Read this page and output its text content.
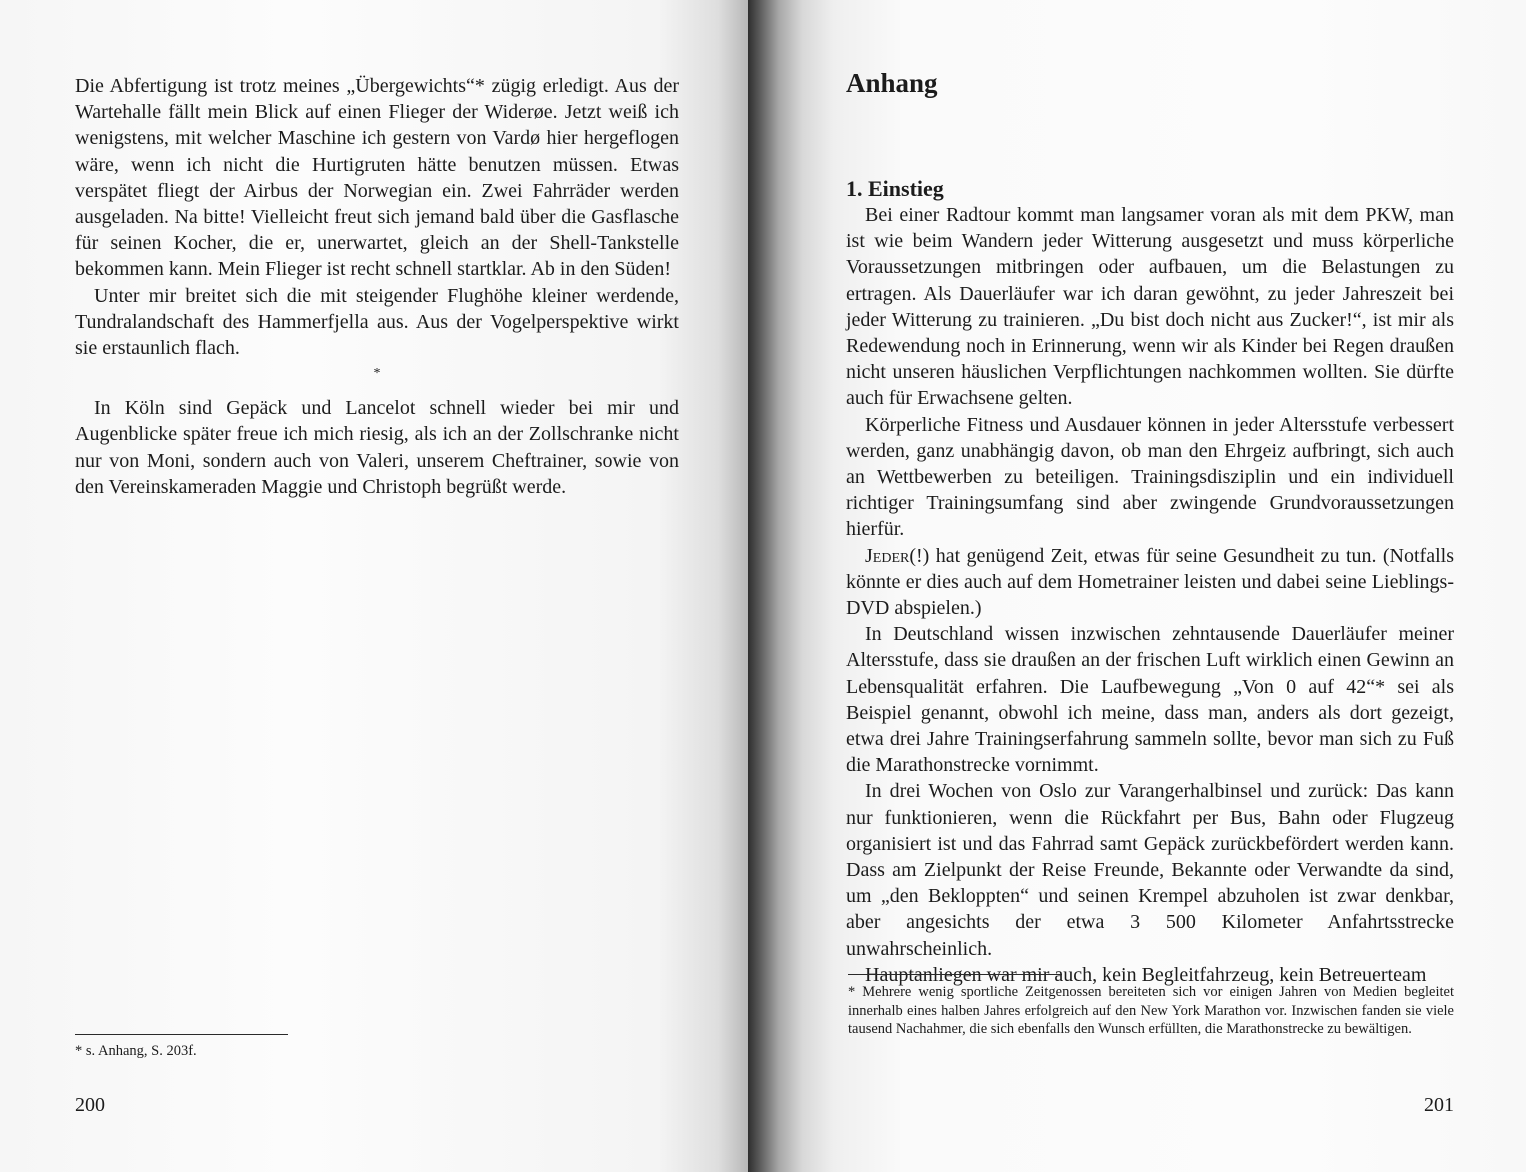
Die Abfertigung ist trotz meines „Übergewichts“* zügig erledigt. Aus der Wartehalle fällt mein Blick auf einen Flieger der Widerøe. Jetzt weiß ich wenigstens, mit welcher Maschine ich gestern von Vardø hier hergeflogen wäre, wenn ich nicht die Hurtigruten hätte benutzen müssen. Etwas verspätet fliegt der Airbus der Norwegian ein. Zwei Fahrräder werden ausgeladen. Na bitte! Vielleicht freut sich jemand bald über die Gasflasche für seinen Kocher, die er, unerwartet, gleich an der Shell-Tankstelle bekommen kann. Mein Flieger ist recht schnell startklar. Ab in den Süden!

Unter mir breitet sich die mit steigender Flughöhe kleiner werdende, Tundralandschaft des Hammerfjella aus. Aus der Vogelperspektive wirkt sie erstaunlich flach.

*

In Köln sind Gepäck und Lancelot schnell wieder bei mir und Augenblicke später freue ich mich riesig, als ich an der Zollschranke nicht nur von Moni, sondern auch von Valeri, unserem Cheftrainer, sowie von den Vereinskameraden Maggie und Christoph begrüßt werde.

* s. Anhang, S. 203f.
200
Anhang
1. Einstieg

Bei einer Radtour kommt man langsamer voran als mit dem PKW, man ist wie beim Wandern jeder Witterung ausgesetzt und muss körperliche Voraussetzungen mitbringen oder aufbauen, um die Belastungen zu ertragen. Als Dauerläufer war ich daran gewöhnt, zu jeder Jahreszeit bei jeder Witterung zu trainieren. „Du bist doch nicht aus Zucker!“, ist mir als Redewendung noch in Erinnerung, wenn wir als Kinder bei Regen draußen nicht unseren häuslichen Verpflichtungen nachkommen wollten. Sie dürfte auch für Erwachsene gelten.

Körperliche Fitness und Ausdauer können in jeder Altersstufe verbessert werden, ganz unabhängig davon, ob man den Ehrgeiz aufbringt, sich auch an Wettbewerben zu beteiligen. Trainingsdisziplin und ein individuell richtiger Trainingsumfang sind aber zwingende Grundvoraussetzungen hierfür.

Jeder(!) hat genügend Zeit, etwas für seine Gesundheit zu tun. (Notfalls könnte er dies auch auf dem Hometrainer leisten und dabei seine Lieblings-DVD abspielen.)

In Deutschland wissen inzwischen zehntausende Dauerläufer meiner Altersstufe, dass sie draußen an der frischen Luft wirklich einen Gewinn an Lebensqualität erfahren. Die Laufbewegung „Von 0 auf 42“* sei als Beispiel genannt, obwohl ich meine, dass man, anders als dort gezeigt, etwa drei Jahre Trainingserfahrung sammeln sollte, bevor man sich zu Fuß die Marathonstrecke vornimmt.

In drei Wochen von Oslo zur Varangerhalbinsel und zurück: Das kann nur funktionieren, wenn die Rückfahrt per Bus, Bahn oder Flugzeug organisiert ist und das Fahrrad samt Gepäck zurückbefördert werden kann. Dass am Zielpunkt der Reise Freunde, Bekannte oder Verwandte da sind, um „den Bekloppten“ und seinen Krempel abzuholen ist zwar denkbar, aber angesichts der etwa 3 500 Kilometer Anfahrtsstrecke unwahrscheinlich.

Hauptanliegen war mir auch, kein Begleitfahrzeug, kein Betreuerteam

* Mehrere wenig sportliche Zeitgenossen bereiteten sich vor einigen Jahren von Medien begleitet innerhalb eines halben Jahres erfolgreich auf den New York Marathon vor. Inzwischen fanden sie viele tausend Nachahmer, die sich ebenfalls den Wunsch erfüllten, die Marathonstrecke zu bewältigen.
201
